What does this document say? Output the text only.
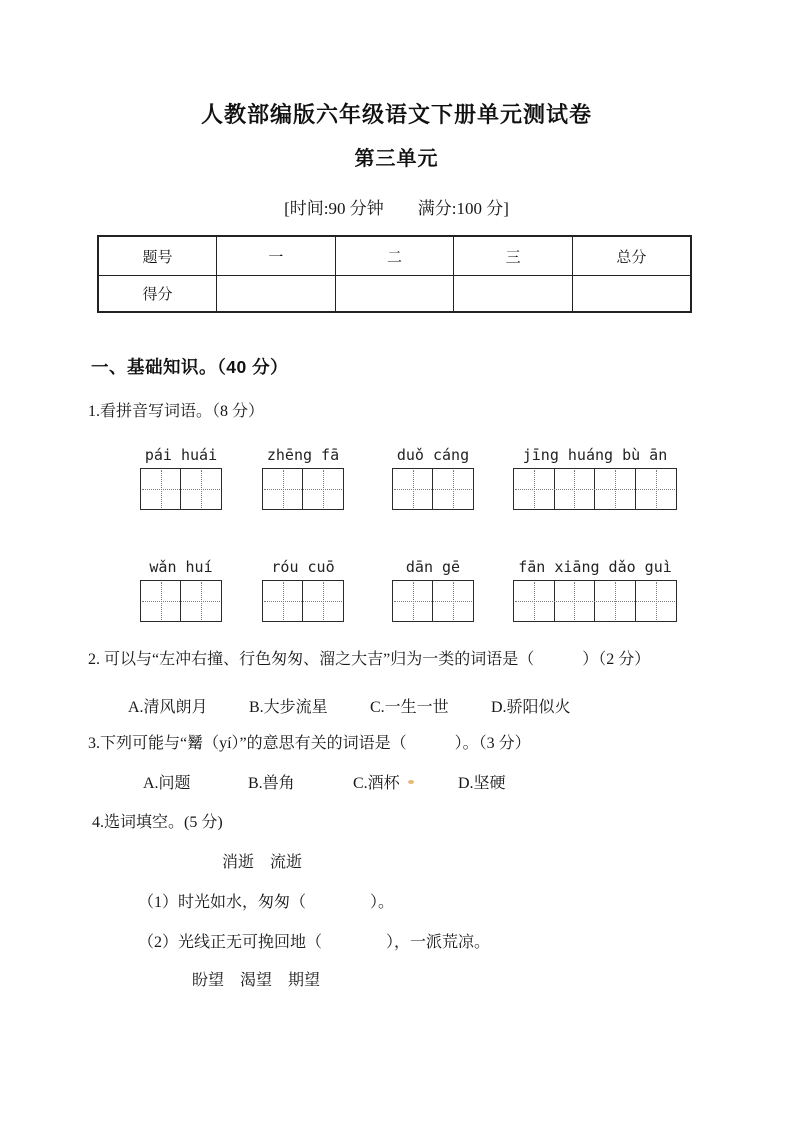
人教部编版六年级语文下册单元测试卷
第三单元
[时间:90 分钟　　满分:100 分]
题号	一	二	三	总分
得分				
一、基础知识。（40 分）
1.看拼音写词语。（8 分）
pái huái	zhēng fā	duǒ cáng	jīng huáng bù ān
wǎn huí	róu cuō	dān gē	fān xiāng dǎo guì
2. 可以与“左冲右撞、行色匆匆、溜之大吉”归为一类的词语是（　　　）（2 分）
A.清风朗月	B.大步流星	C.一生一世	D.骄阳似火
3.下列可能与“觺（yí）”的意思有关的词语是（　　　）。（3 分）
A.问题	B.兽角	C.酒杯	D.坚硬
4.选词填空。(5 分)
消逝　流逝
（1）时光如水，匆匆（　　　　）。
（2）光线正无可挽回地（　　　　），一派荒凉。
盼望　渴望　期望
